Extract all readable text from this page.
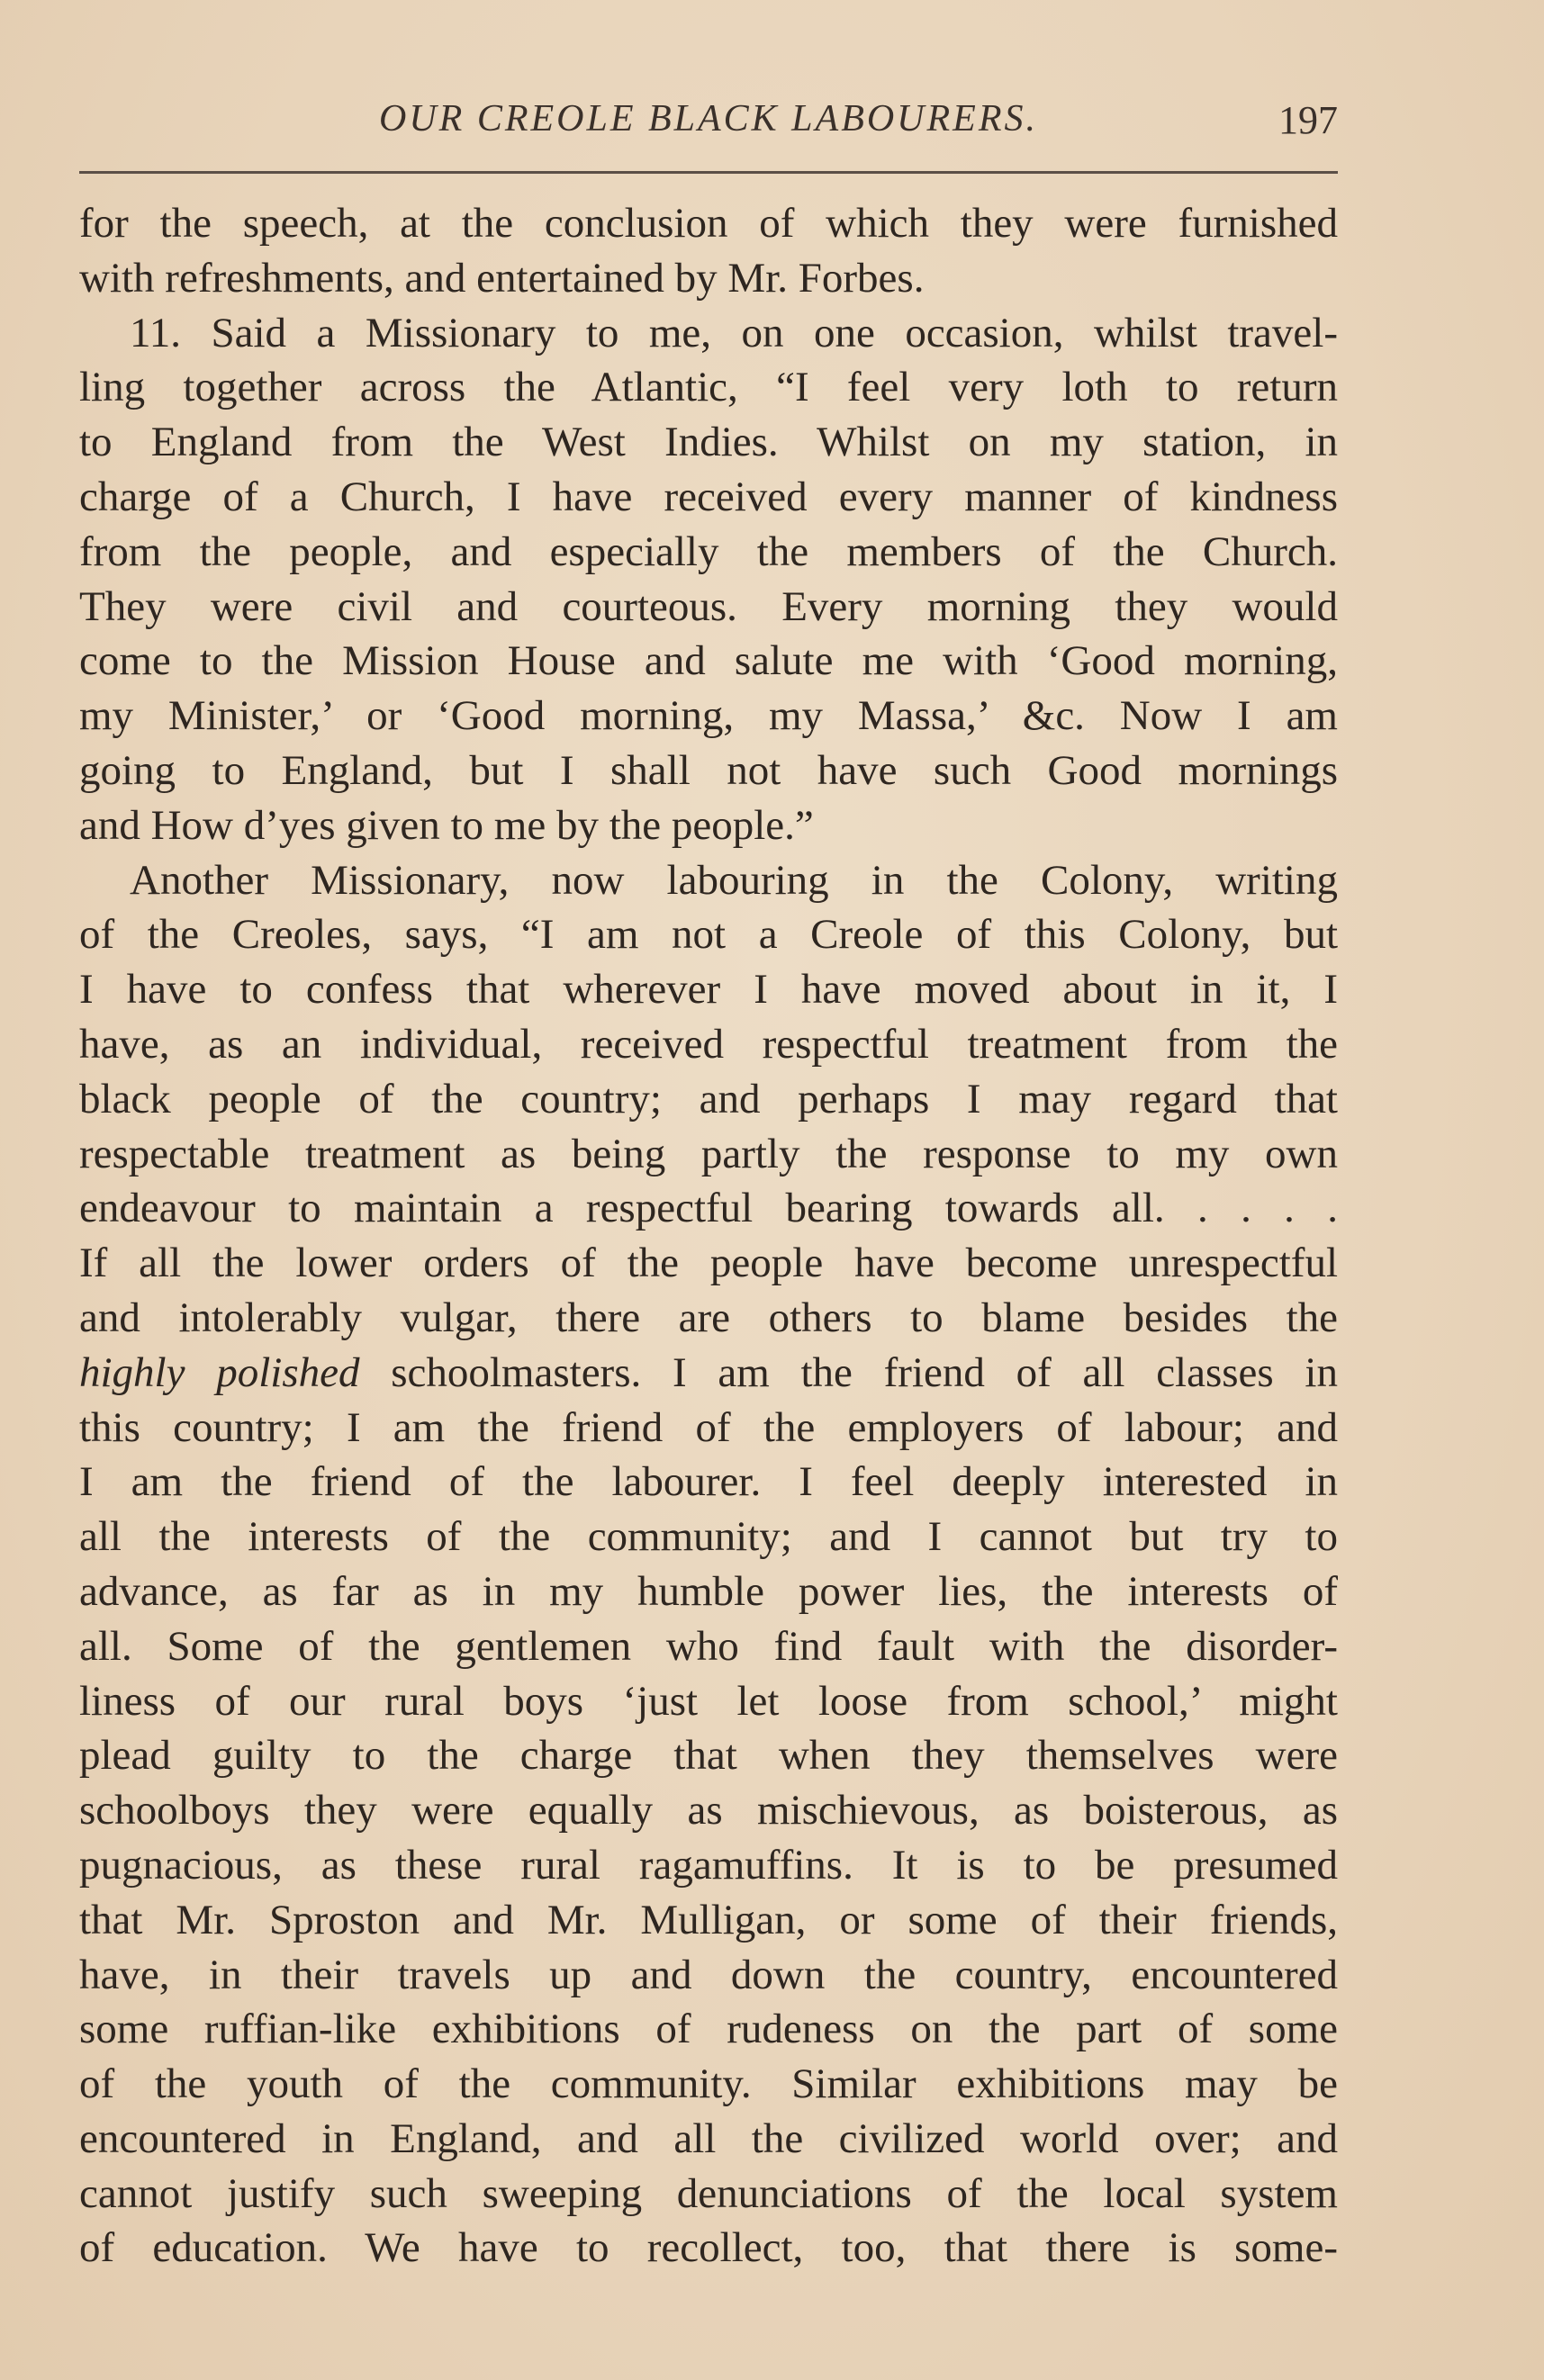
OUR CREOLE BLACK LABOURERS.	197
for the speech, at the conclusion of which they were furnished
with refreshments, and entertained by Mr. Forbes.
11. Said a Missionary to me, on one occasion, whilst travel-
ling together across the Atlantic, “I feel very loth to return
to England from the West Indies. Whilst on my station, in
charge of a Church, I have received every manner of kindness
from the people, and especially the members of the Church.
They were civil and courteous. Every morning they would
come to the Mission House and salute me with ‘Good morning,
my Minister,’ or ‘Good morning, my Massa,’ &c. Now I am
going to England, but I shall not have such Good mornings
and How d’yes given to me by the people.”
Another Missionary, now labouring in the Colony, writing
of the Creoles, says, “I am not a Creole of this Colony, but
I have to confess that wherever I have moved about in it, I
have, as an individual, received respectful treatment from the
black people of the country; and perhaps I may regard that
respectable treatment as being partly the response to my own
endeavour to maintain a respectful bearing towards all. . . . .
If all the lower orders of the people have become unrespectful
and intolerably vulgar, there are others to blame besides the
highly polished schoolmasters. I am the friend of all classes in
this country; I am the friend of the employers of labour; and
I am the friend of the labourer. I feel deeply interested in
all the interests of the community; and I cannot but try to
advance, as far as in my humble power lies, the interests of
all. Some of the gentlemen who find fault with the disorder-
liness of our rural boys ‘just let loose from school,’ might
plead guilty to the charge that when they themselves were
schoolboys they were equally as mischievous, as boisterous, as
pugnacious, as these rural ragamuffins. It is to be presumed
that Mr. Sproston and Mr. Mulligan, or some of their friends,
have, in their travels up and down the country, encountered
some ruffian-like exhibitions of rudeness on the part of some
of the youth of the community. Similar exhibitions may be
encountered in England, and all the civilized world over; and
cannot justify such sweeping denunciations of the local system
of education. We have to recollect, too, that there is some-
